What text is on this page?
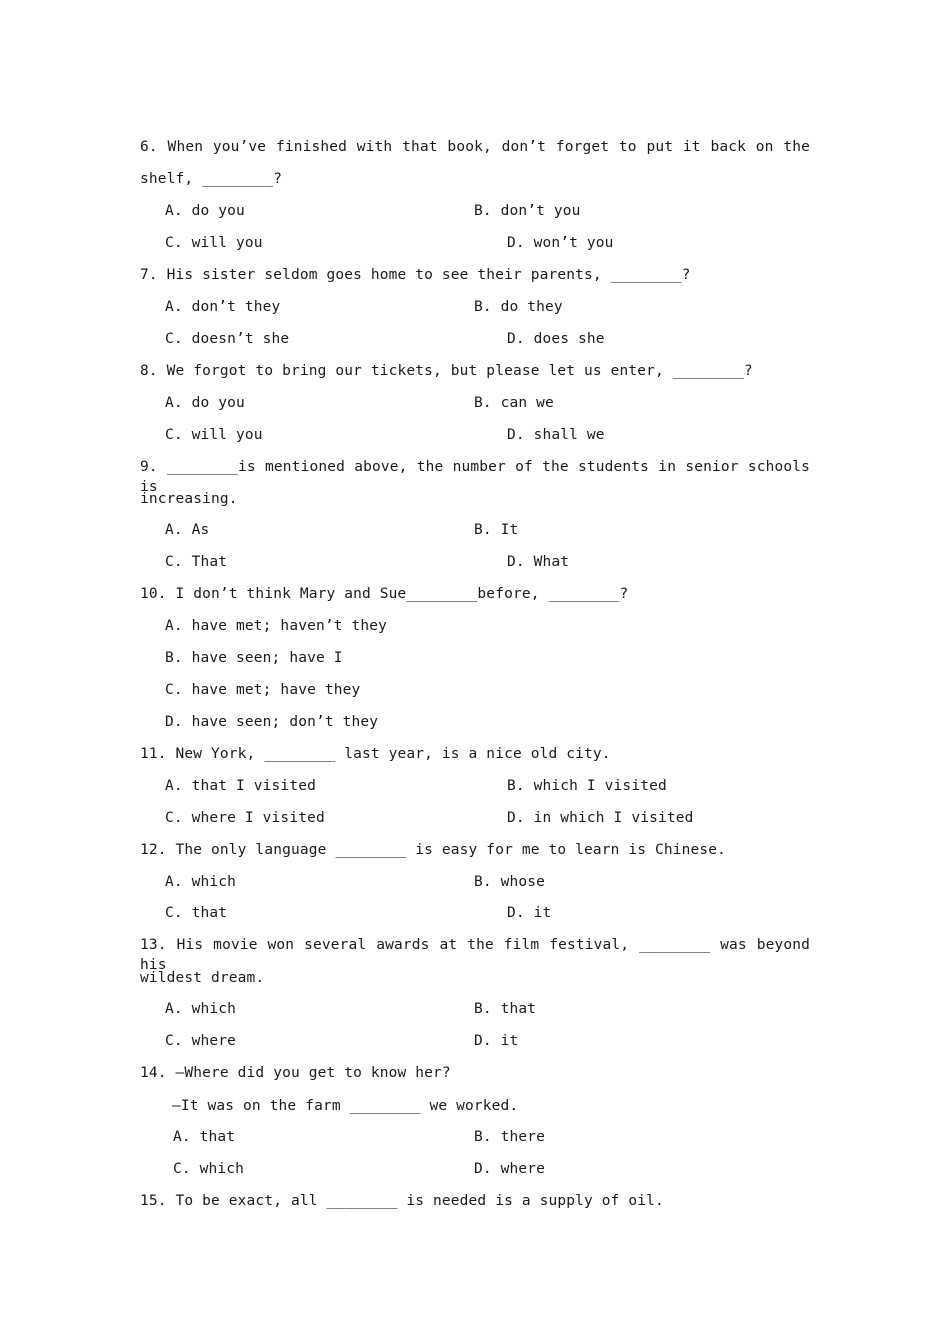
6. When you’ve finished with that book, don’t forget to put it back on the
shelf, ________?
A. do you	B. don’t you
C. will you	D. won’t you
7. His sister seldom goes home to see their parents, ________?
A. don’t they	B. do they
C. doesn’t she	D. does she
8. We forgot to bring our tickets, but please let us enter, ________?
A. do you	B. can we
C. will you	D. shall we
9. ________is mentioned above, the number of the students in senior schools is
increasing.
A. As	B. It
C. That	D. What
10. I don’t think Mary and Sue________before, ________?
A. have met; haven’t they
B. have seen; have I
C. have met; have they
D. have seen; don’t they
11. New York, ________ last year, is a nice old city.
A. that I visited	B. which I visited
C. where I visited	D. in which I visited
12. The only language ________ is easy for me to learn is Chinese.
A. which	B. whose
C. that	D. it
13. His movie won several awards at the film festival, ________ was beyond his
wildest dream.
A. which	B. that
C. where	D. it
14. —Where did you get to know her?
—It was on the farm ________ we worked.
A. that	B. there
C. which	D. where
15. To be exact, all ________ is needed is a supply of oil.
